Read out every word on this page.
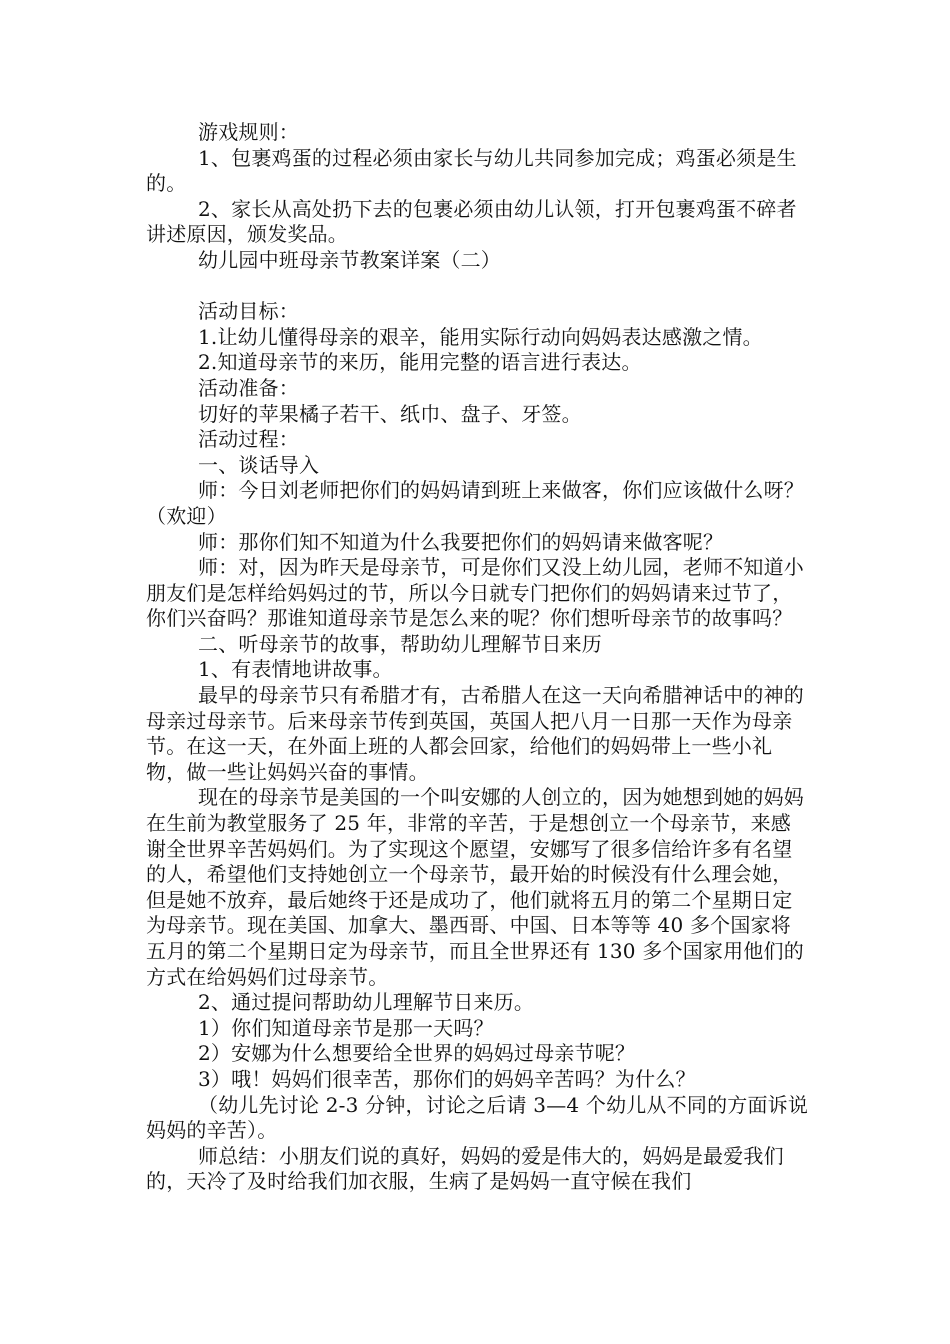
游戏规则：

1、包裹鸡蛋的过程必须由家长与幼儿共同参加完成；鸡蛋必须是生的。

2、家长从高处扔下去的包裹必须由幼儿认领，打开包裹鸡蛋不碎者讲述原因，颁发奖品。

幼儿园中班母亲节教案详案（二）

活动目标：

1.让幼儿懂得母亲的艰辛，能用实际行动向妈妈表达感激之情。

2.知道母亲节的来历，能用完整的语言进行表达。

活动准备：

切好的苹果橘子若干、纸巾、盘子、牙签。

活动过程：

一、谈话导入

师：今日刘老师把你们的妈妈请到班上来做客，你们应该做什么呀？（欢迎）

师：那你们知不知道为什么我要把你们的妈妈请来做客呢？

师：对，因为昨天是母亲节，可是你们又没上幼儿园，老师不知道小朋友们是怎样给妈妈过的节，所以今日就专门把你们的妈妈请来过节了，你们兴奋吗？那谁知道母亲节是怎么来的呢？你们想听母亲节的故事吗？

二、听母亲节的故事，帮助幼儿理解节日来历

1、有表情地讲故事。

最早的母亲节只有希腊才有，古希腊人在这一天向希腊神话中的神的母亲过母亲节。后来母亲节传到英国，英国人把八月一日那一天作为母亲节。在这一天，在外面上班的人都会回家，给他们的妈妈带上一些小礼物，做一些让妈妈兴奋的事情。

现在的母亲节是美国的一个叫安娜的人创立的，因为她想到她的妈妈在生前为教堂服务了 25 年，非常的辛苦，于是想创立一个母亲节，来感谢全世界辛苦妈妈们。为了实现这个愿望，安娜写了很多信给许多有名望的人，希望他们支持她创立一个母亲节，最开始的时候没有什么理会她，但是她不放弃，最后她终于还是成功了，他们就将五月的第二个星期日定为母亲节。现在美国、加拿大、墨西哥、中国、日本等等 40 多个国家将五月的第二个星期日定为母亲节，而且全世界还有 130 多个国家用他们的方式在给妈妈们过母亲节。

2、通过提问帮助幼儿理解节日来历。

1）你们知道母亲节是那一天吗？

2）安娜为什么想要给全世界的妈妈过母亲节呢？

3）哦！妈妈们很幸苦，那你们的妈妈辛苦吗？为什么？

（幼儿先讨论 2-3 分钟，讨论之后请 3—4 个幼儿从不同的方面诉说妈妈的辛苦）。

师总结：小朋友们说的真好，妈妈的爱是伟大的，妈妈是最爱我们的，天冷了及时给我们加衣服，生病了是妈妈一直守候在我们
